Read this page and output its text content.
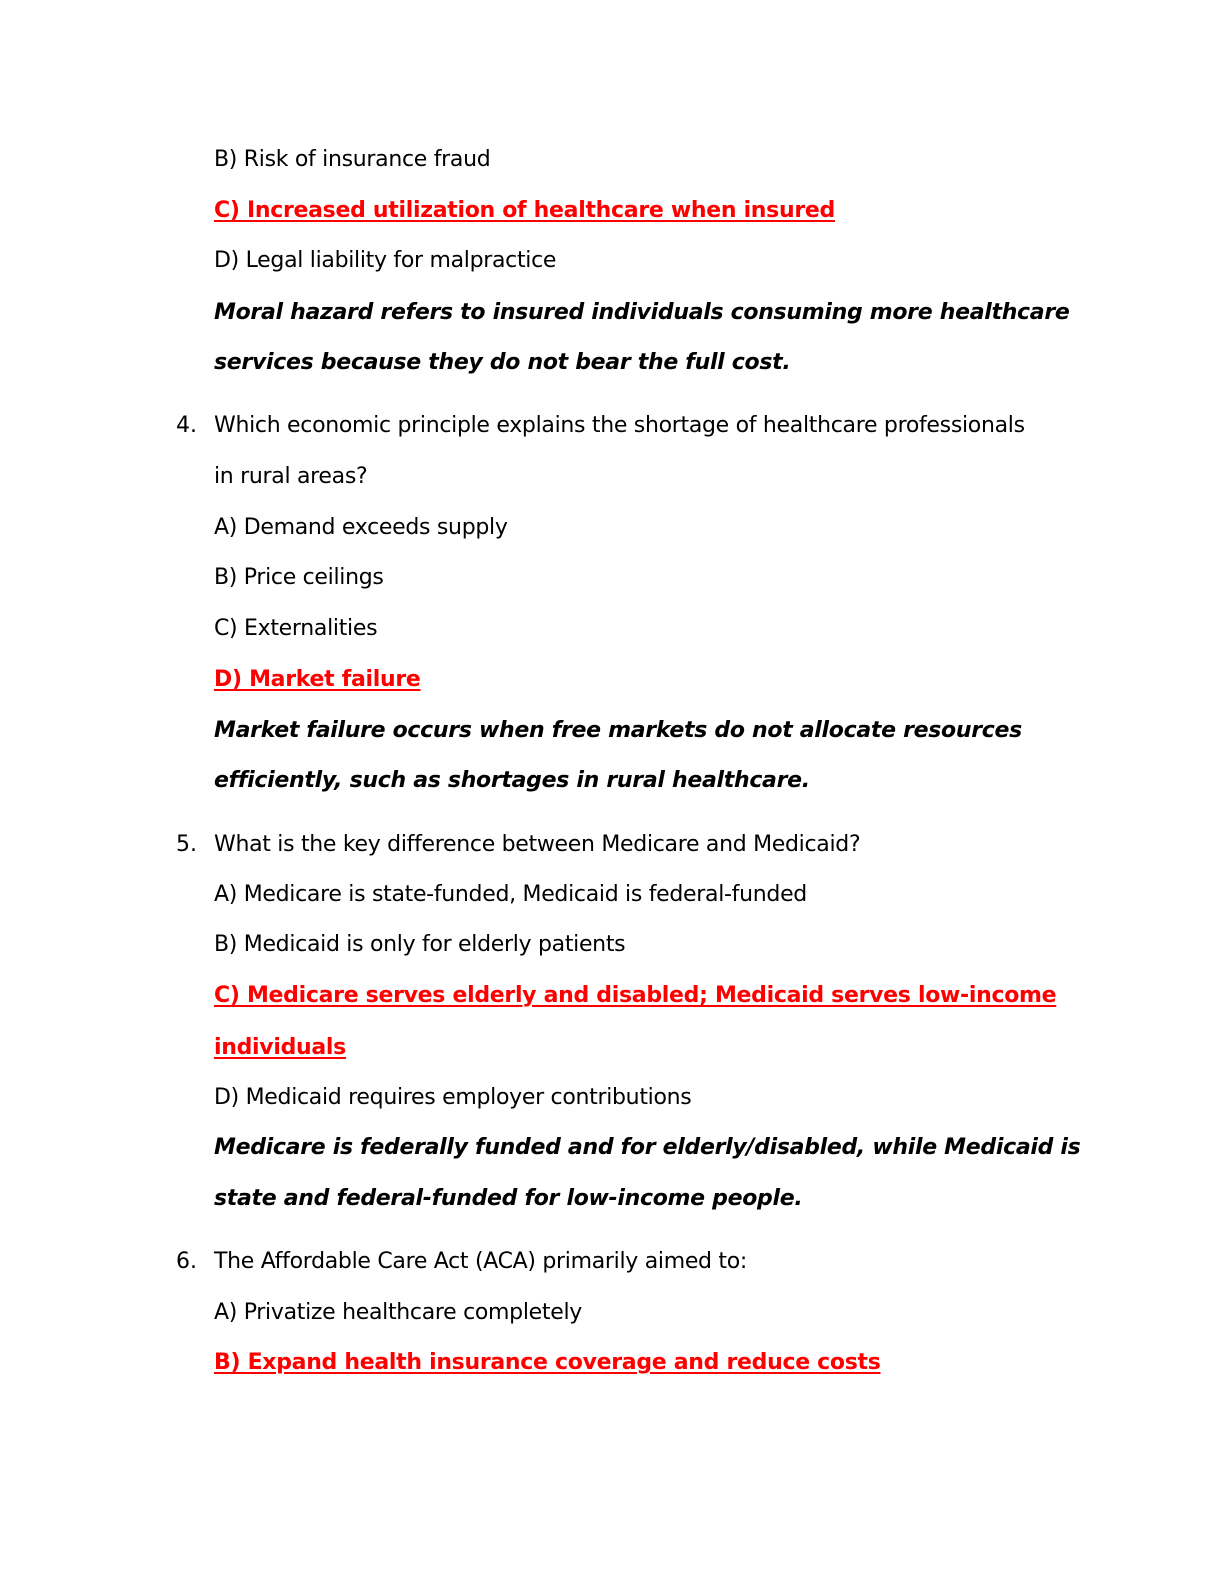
B) Risk of insurance fraud
C) Increased utilization of healthcare when insured
D) Legal liability for malpractice
Moral hazard refers to insured individuals consuming more healthcare
services because they do not bear the full cost.
4. Which economic principle explains the shortage of healthcare professionals
in rural areas?
A) Demand exceeds supply
B) Price ceilings
C) Externalities
D) Market failure
Market failure occurs when free markets do not allocate resources
efficiently, such as shortages in rural healthcare.
5. What is the key difference between Medicare and Medicaid?
A) Medicare is state-funded, Medicaid is federal-funded
B) Medicaid is only for elderly patients
C) Medicare serves elderly and disabled; Medicaid serves low-income
individuals
D) Medicaid requires employer contributions
Medicare is federally funded and for elderly/disabled, while Medicaid is
state and federal-funded for low-income people.
6. The Affordable Care Act (ACA) primarily aimed to:
A) Privatize healthcare completely
B) Expand health insurance coverage and reduce costs
